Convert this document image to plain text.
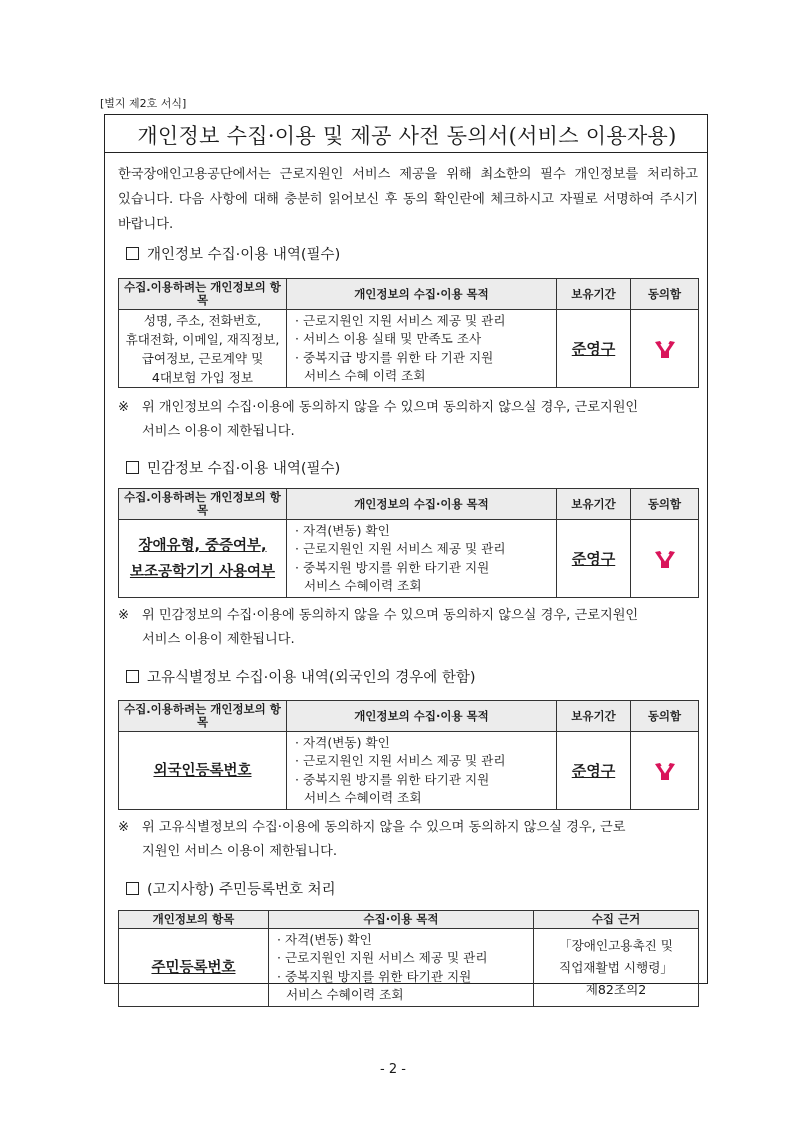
[별지 제2호 서식]
개인정보 수집·이용 및 제공 사전 동의서(서비스 이용자용)
한국장애인고용공단에서는 근로지원인 서비스 제공을 위해 최소한의 필수 개인정보를 처리하고 있습니다. 다음 사항에 대해 충분히 읽어보신 후 동의 확인란에 체크하시고 자필로 서명하여 주시기 바랍니다.
개인정보 수집·이용 내역(필수)
수집.이용하려는 개인정보의 항목	개인정보의 수집·이용 목적	보유기간	동의함

성명, 주소, 전화번호,
휴대전화, 이메일, 재직정보,
급여정보, 근로계약 및
4대보험 가입 정보	· 근로지원인 지원 서비스 제공 및 관리
· 서비스 이용 실태 및 만족도 조사
· 중복지급 방지를 위한 타 기관 지원
서비스 수혜 이력 조회	준영구	
※ 위 개인정보의 수집·이용에 동의하지 않을 수 있으며 동의하지 않으실 경우, 근로지원인
서비스 이용이 제한됩니다.
민감정보 수집·이용 내역(필수)
수집.이용하려는 개인정보의 항목	개인정보의 수집·이용 목적	보유기간	동의함

장애유형, 중증여부,
보조공학기기 사용여부	· 자격(변동) 확인
· 근로지원인 지원 서비스 제공 및 관리
· 중복지원 방지를 위한 타기관 지원
서비스 수혜이력 조회	준영구	
※ 위 민감정보의 수집·이용에 동의하지 않을 수 있으며 동의하지 않으실 경우, 근로지원인
서비스 이용이 제한됩니다.
고유식별정보 수집·이용 내역(외국인의 경우에 한함)
수집.이용하려는 개인정보의 항목	개인정보의 수집·이용 목적	보유기간	동의함

외국인등록번호	· 자격(변동) 확인
· 근로지원인 지원 서비스 제공 및 관리
· 중복지원 방지를 위한 타기관 지원
서비스 수혜이력 조회	준영구	
※ 위 고유식별정보의 수집·이용에 동의하지 않을 수 있으며 동의하지 않으실 경우, 근로
지원인 서비스 이용이 제한됩니다.
(고지사항) 주민등록번호 처리
개인정보의 항목	수집·이용 목적	수집 근거

주민등록번호	· 자격(변동) 확인
· 근로지원인 지원 서비스 제공 및 관리
· 중복지원 방지를 위한 타기관 지원
서비스 수혜이력 조회	「장애인고용촉진 및
직업재활법 시행령」
제82조의2
- 2 -
